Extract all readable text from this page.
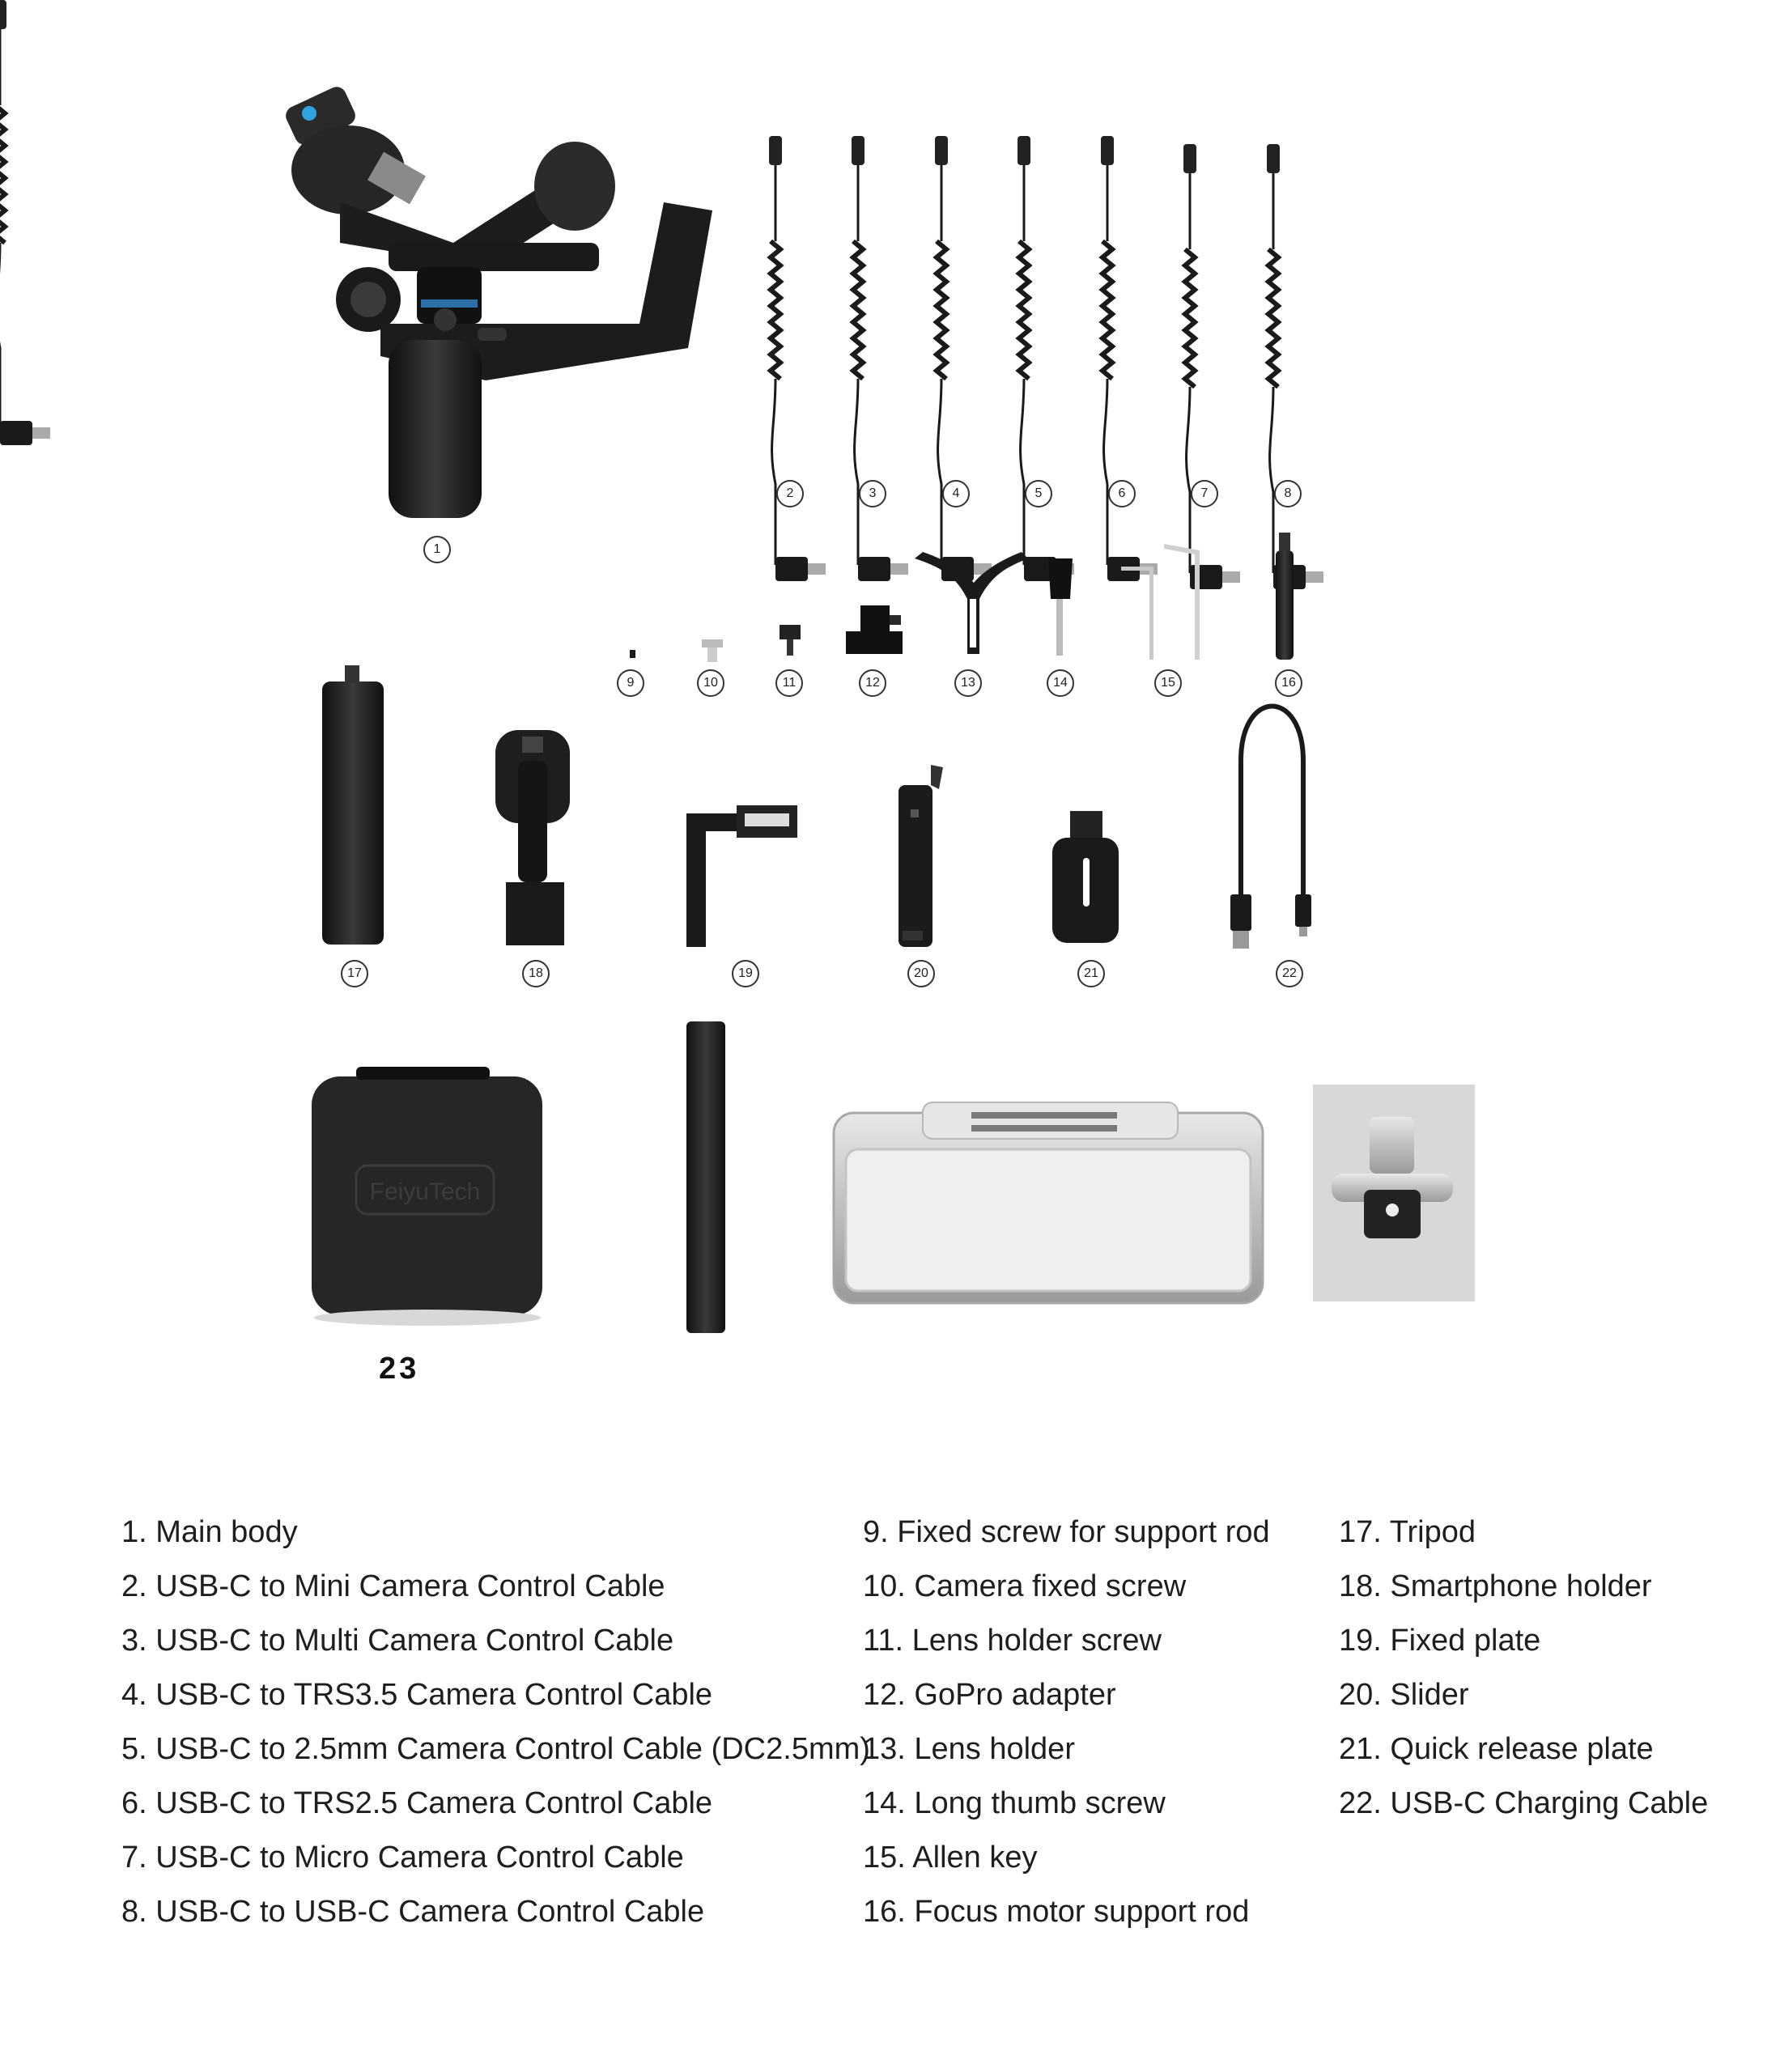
FeiyuTech
1
2	3	4	5	6	7	8
9	10	11	12	13	14	15	16
17	18	19	20	21	22
23
1. Main body
2. USB-C to Mini Camera Control Cable
3. USB-C to Multi Camera Control Cable
4. USB-C to TRS3.5 Camera Control Cable
5. USB-C to 2.5mm Camera Control Cable (DC2.5mm)
6. USB-C to TRS2.5 Camera Control Cable
7. USB-C to Micro Camera Control Cable
8. USB-C to USB-C Camera Control Cable
9. Fixed screw for support rod
10. Camera fixed screw
11. Lens holder screw
12. GoPro adapter
13. Lens holder
14. Long thumb screw
15. Allen key
16. Focus motor support rod
17. Tripod
18. Smartphone holder
19. Fixed plate
20. Slider
21. Quick release plate
22. USB-C Charging Cable
